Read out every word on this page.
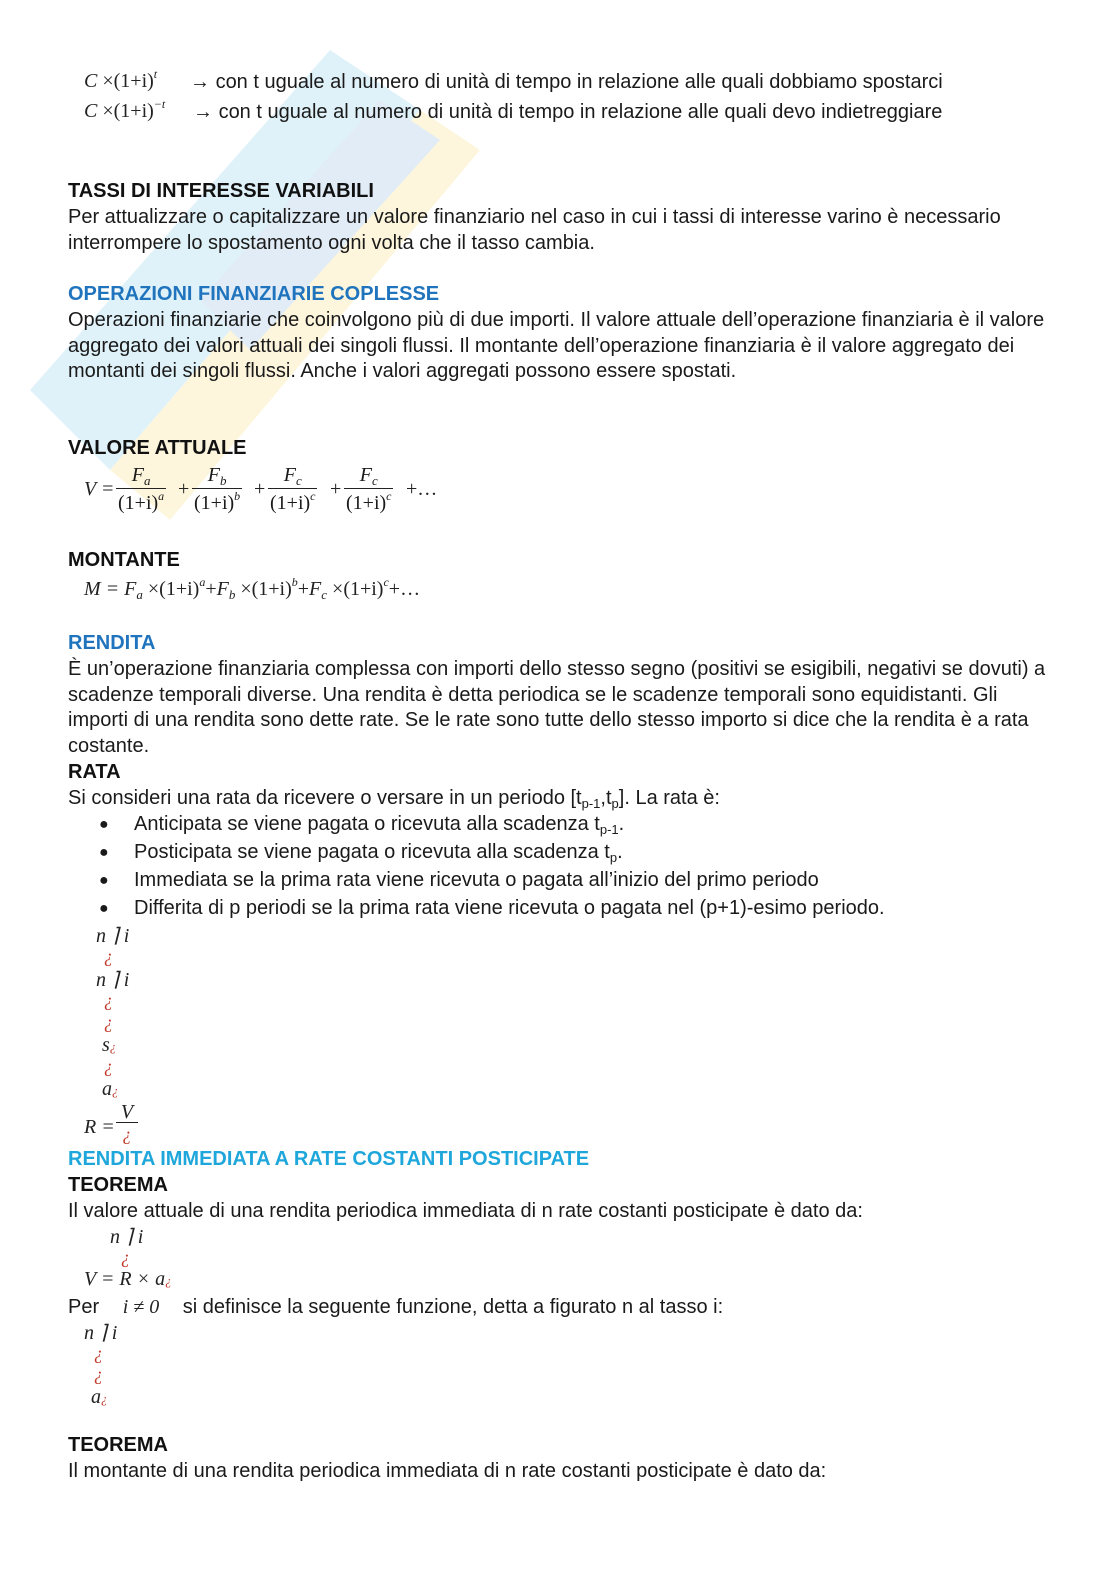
$C \times(1+i)^t$ → con t uguale al numero di unità di tempo in relazione alle quali dobbiamo spostarci
$C \times(1+i)^{-t}$ → con t uguale al numero di unità di tempo in relazione alle quali devo indietreggiare
TASSI DI INTERESSE VARIABILI
Per attualizzare o capitalizzare un valore finanziario nel caso in cui i tassi di interesse varino è necessario interrompere lo spostamento ogni volta che il tasso cambia.
OPERAZIONI FINANZIARIE COPLESSE
Operazioni finanziarie che coinvolgono più di due importi. Il valore attuale dell’operazione finanziaria è il valore aggregato dei valori attuali dei singoli flussi. Il montante dell’operazione finanziaria è il valore aggregato dei montanti dei singoli flussi. Anche i valori aggregati possono essere spostati.
VALORE ATTUALE
$V = \frac{F_a}{(1+i)^a} + \frac{F_b}{(1+i)^b} + \frac{F_c}{(1+i)^c} + \frac{F_c}{(1+i)^c}$ +…
MONTANTE
$M = F_a \times(1+i)^a+F_b \times(1+i)^b+F_c$ $\times(1+i)^c+\dots$
RENDITA
È un’operazione finanziaria complessa con importi dello stesso segno (positivi se esigibili, negativi se dovuti) a scadenze temporali diverse. Una rendita è detta periodica se le scadenze temporali sono equidistanti. Gli importi di una rendita sono dette rate. Se le rate sono tutte dello stesso importo si dice che la rendita è a rata costante.
RATA
Si consideri una rata da ricevere o versare in un periodo $[t_{p-1},t_p]$. La rata è:
● Anticipata se viene pagata o ricevuta alla scadenza $t_{p-1}$.
● Posticipata se viene pagata o ricevuta alla scadenza $t_p$.
● Immediata se la prima rata viene ricevuta o pagata all’inizio del primo periodo
● Differita di p periodi se la prima rata viene ricevuta o pagata nel (p+1)-esimo periodo.
n ⌉ i
¿
n ⌉ i
¿
¿
s¿
¿
a¿
R =
V
¿
RENDITA IMMEDIATA A RATE COSTANTI POSTICIPATE
TEOREMA
Il valore attuale di una rendita periodica immediata di n rate costanti posticipate è dato da:
n ⌉ i
¿
V = R × a¿
Per i ≠ 0 si definisce la seguente funzione, detta a figurato n al tasso i:
n ⌉ i
¿
¿
a¿
TEOREMA
Il montante di una rendita periodica immediata di n rate costanti posticipate è dato da:
